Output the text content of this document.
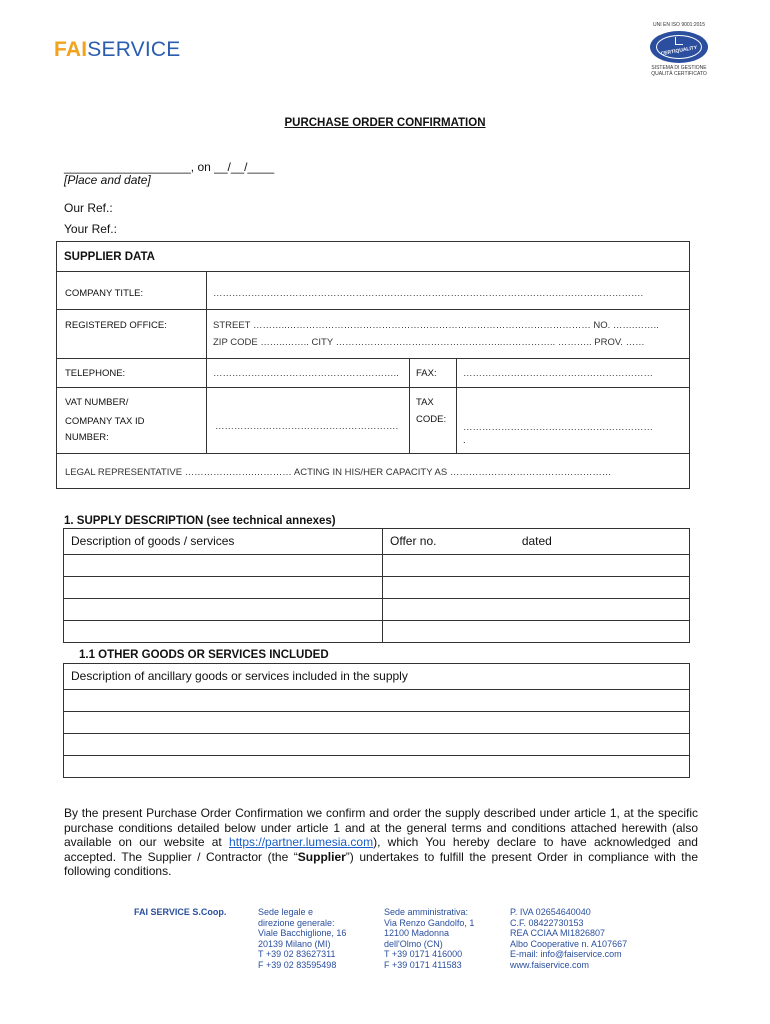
FAISERVICE
UNI EN ISO 9001:2015
CERTIQUALITY
SISTEMA DI GESTIONE
QUALITÀ CERTIFICATO
PURCHASE ORDER CONFIRMATION
___________________, on __/__/____
[Place and date]
Our Ref.:
Your Ref.:
SUPPLIER DATA
COMPANY TITLE:	……………………………………………………………………………………………………………………….
REGISTERED OFFICE:	STREET ………..…………………………………………………………………………………… NO. …….……..
ZIP CODE ……..…….. CITY ……………………………………………..…………….. ……….. PROV. ……
TELEPHONE:	…………………………………………………..	FAX:	……………………………………………………
VAT NUMBER/
COMPANY TAX ID
NUMBER:
………………………………………………….
TAX
CODE:
……………………………………………………
.
LEGAL REPRESENTATIVE ………………….………… ACTING IN HIS/HER CAPACITY AS ……………………………………………
1. SUPPLY DESCRIPTION (see technical annexes)
Description of goods / services	Offer no. dated

1.1 OTHER GOODS OR SERVICES INCLUDED
Description of ancillary goods or services included in the supply

By the present Purchase Order Confirmation we confirm and order the supply described under article 1, at the specific purchase conditions detailed below under article 1 and at the general terms and conditions attached herewith (also available on our website at https://partner.lumesia.com), which You hereby declare to have acknowledged and accepted. The Supplier / Contractor (the “Supplier”) undertakes to fulfill the present Order in compliance with the following conditions.
FAI SERVICE S.Coop.	Sede legale e
direzione generale:
Viale Bacchiglione, 16
20139 Milano (MI)
T +39 02 83627311
F +39 02 83595498
Sede amministrativa:
Via Renzo Gandolfo, 1
12100 Madonna
dell'Olmo (CN)
T +39 0171 416000
F +39 0171 411583
P. IVA 02654640040
C.F. 08422730153
REA CCIAA MI1826807
Albo Cooperative n. A107667
E-mail: info@faiservice.com
www.faiservice.com
